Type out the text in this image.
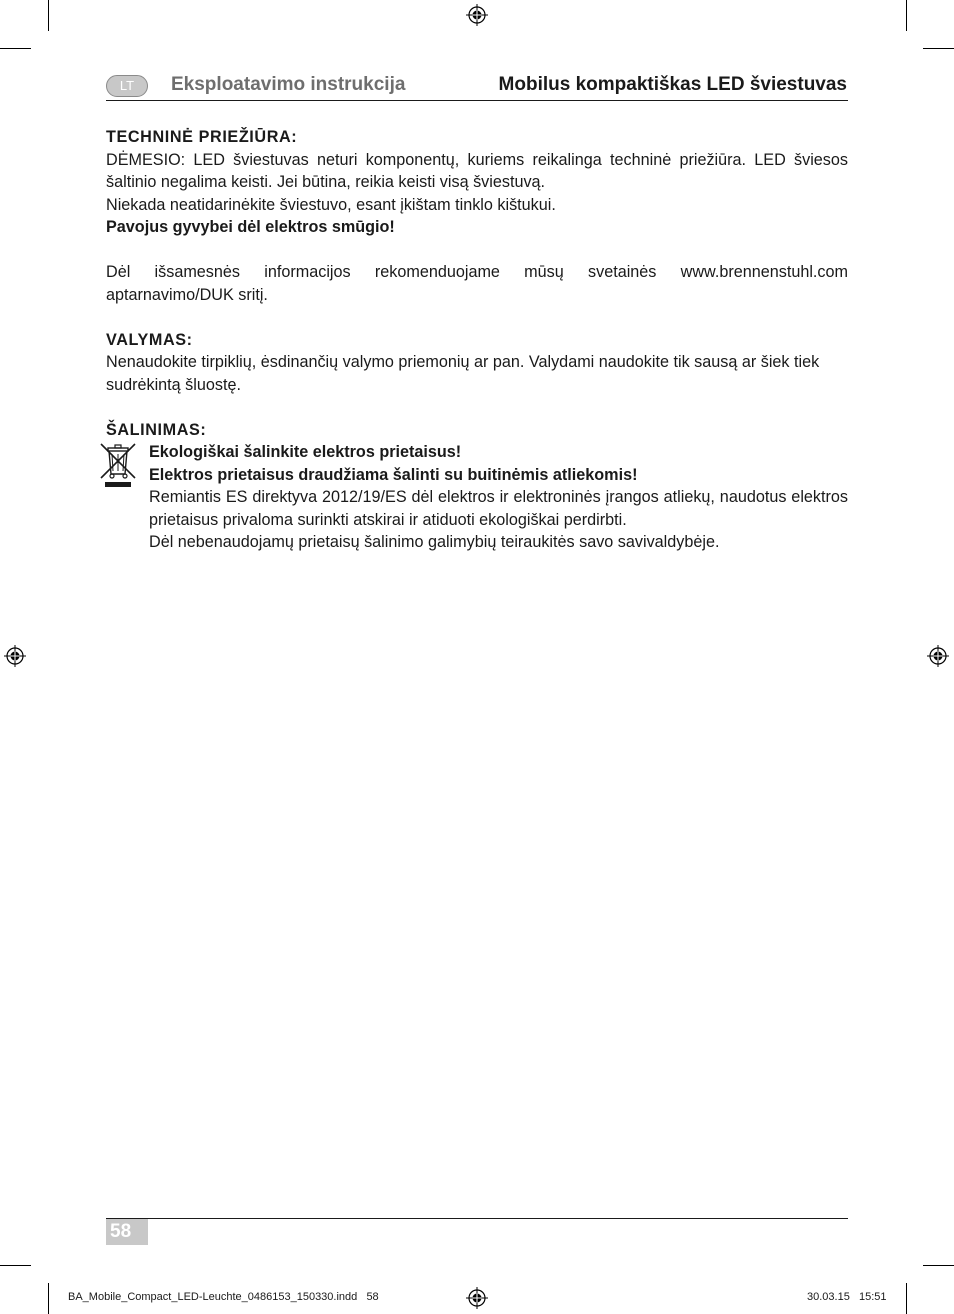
LT	Eksploatavimo instrukcija	Mobilus kompaktiškas LED šviestuvas

TECHNINĖ PRIEŽIŪRA:

DĖMESIO: LED šviestuvas neturi komponentų, kuriems reikalinga techninė priežiūra. LED šviesos šaltinio negalima keisti. Jei būtina, reikia keisti visą šviestuvą.

Niekada neatidarinėkite šviestuvo, esant įkištam tinklo kištukui.

Pavojus gyvybei dėl elektros smūgio!

Dėl išsamesnės informacijos rekomenduojame mūsų svetainės www.brennenstuhl.com

aptarnavimo/DUK sritį.

VALYMAS:

Nenaudokite tirpiklių, ėsdinančių valymo priemonių ar pan. Valydami naudokite tik sausą ar šiek tiek sudrėkintą šluostę.

ŠALINIMAS:

Ekologiškai šalinkite elektros prietaisus!

Elektros prietaisus draudžiama šalinti su buitinėmis atliekomis!

Remiantis ES direktyva 2012/19/ES dėl elektros ir elektroninės įrangos atliekų, naudotus elektros prietaisus privaloma surinkti atskirai ir atiduoti ekologiškai perdirbti.

Dėl nebenaudojamų prietaisų šalinimo galimybių teiraukitės savo savivaldybėje.

58
BA_Mobile_Compact_LED-Leuchte_0486153_150330.indd   58	30.03.15   15:51
